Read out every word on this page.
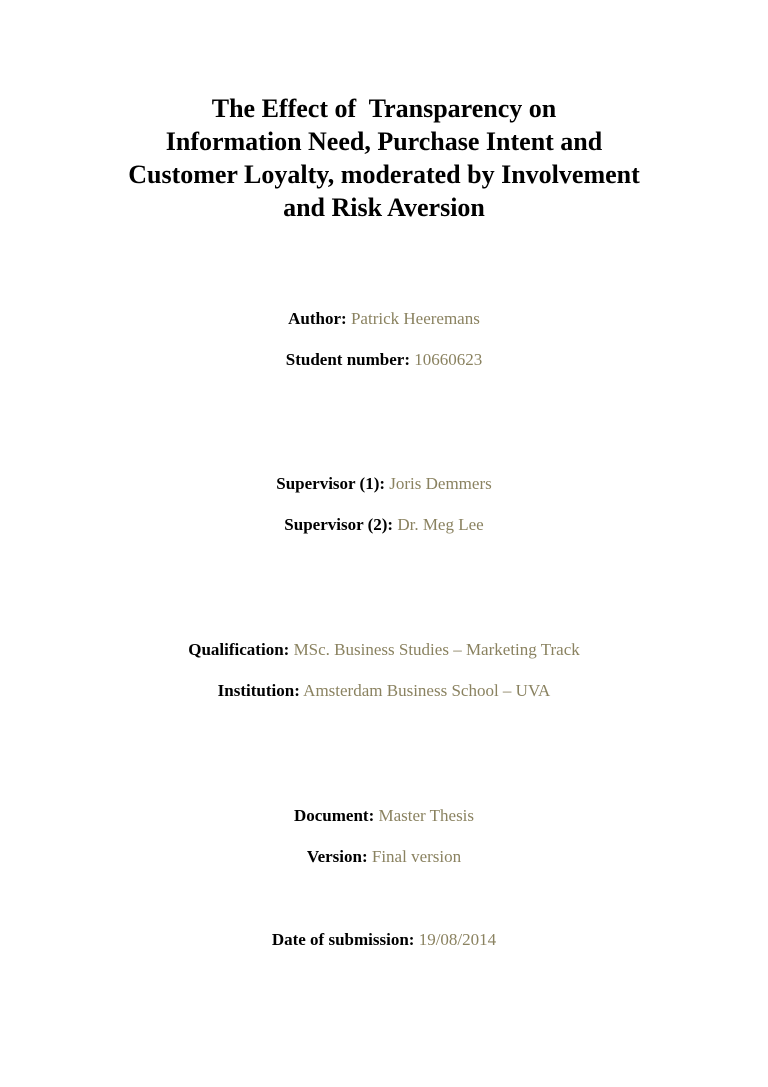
The Effect of  Transparency on
Information Need, Purchase Intent and
Customer Loyalty, moderated by Involvement
and Risk Aversion
Author: Patrick Heeremans
Student number: 10660623
Supervisor (1): Joris Demmers
Supervisor (2): Dr. Meg Lee
Qualification: MSc. Business Studies – Marketing Track
Institution: Amsterdam Business School – UVA
Document: Master Thesis
Version: Final version
Date of submission: 19/08/2014
